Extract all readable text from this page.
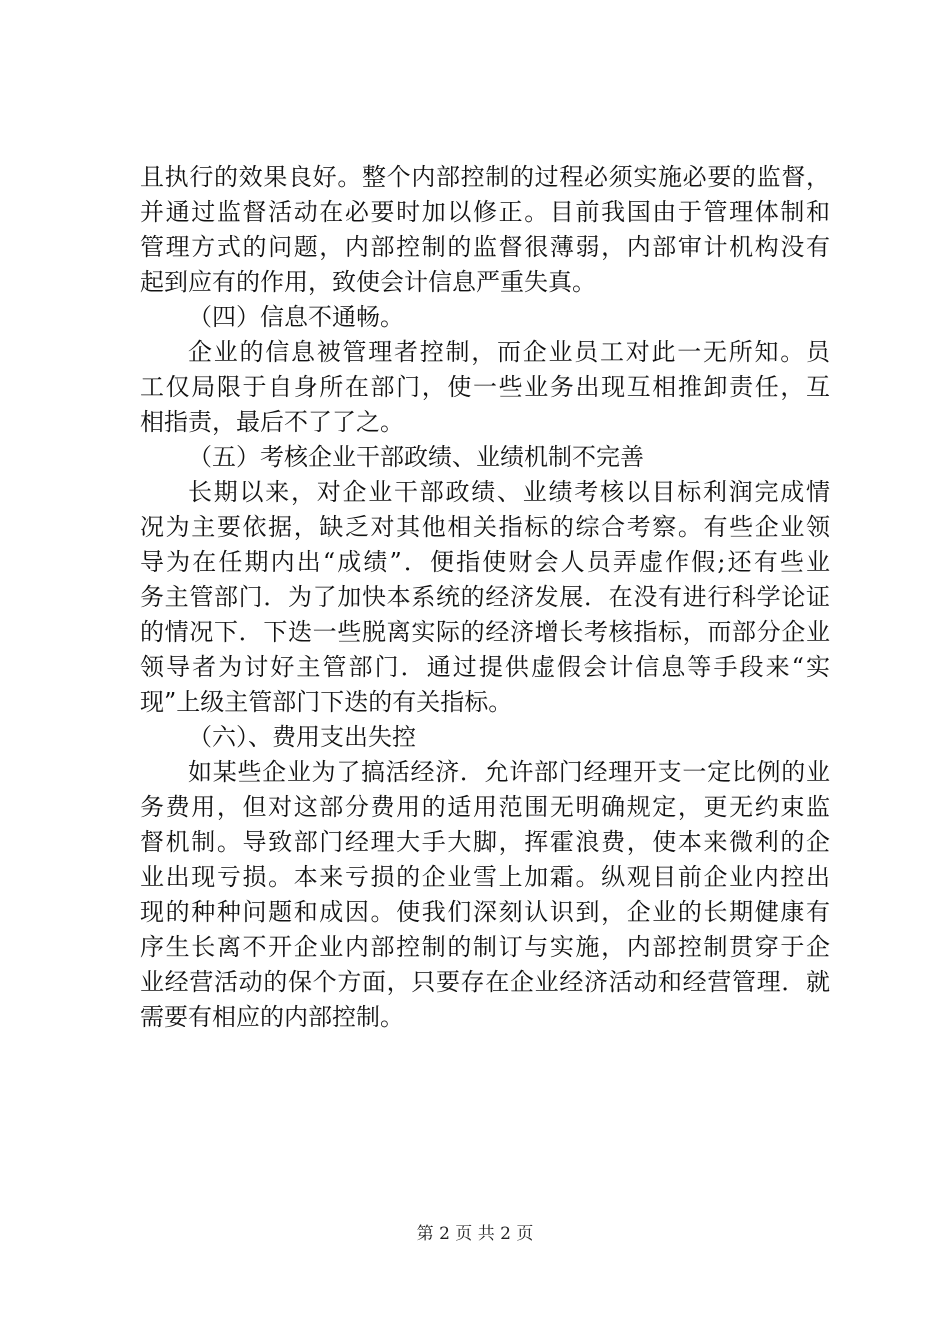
且执行的效果良好。整个内部控制的过程必须实施必要的监督，
并通过监督活动在必要时加以修正。目前我国由于管理体制和
管理方式的问题，内部控制的监督很薄弱，内部审计机构没有
起到应有的作用，致使会计信息严重失真。
（四）信息不通畅。
企业的信息被管理者控制，而企业员工对此一无所知。员
工仅局限于自身所在部门，使一些业务出现互相推卸责任，互
相指责，最后不了了之。
（五）考核企业干部政绩、业绩机制不完善
长期以来，对企业干部政绩、业绩考核以目标利润完成情
况为主要依据，缺乏对其他相关指标的综合考察。有些企业领
导为在任期内出“成绩”．便指使财会人员弄虚作假;还有些业
务主管部门．为了加快本系统的经济发展．在没有进行科学论证
的情况下．下迭一些脱离实际的经济增长考核指标，而部分企业
领导者为讨好主管部门．通过提供虚假会计信息等手段来“实
现”上级主管部门下迭的有关指标。
（六）、费用支出失控
如某些企业为了搞活经济．允许部门经理开支一定比例的业
务费用，但对这部分费用的适用范围无明确规定，更无约束监
督机制。导致部门经理大手大脚，挥霍浪费，使本来微利的企
业出现亏损。本来亏损的企业雪上加霜。纵观目前企业内控出
现的种种问题和成因。使我们深刻认识到，企业的长期健康有
序生长离不开企业内部控制的制订与实施，内部控制贯穿于企
业经营活动的保个方面，只要存在企业经济活动和经营管理．就
需要有相应的内部控制。
第 2 页 共 2 页
